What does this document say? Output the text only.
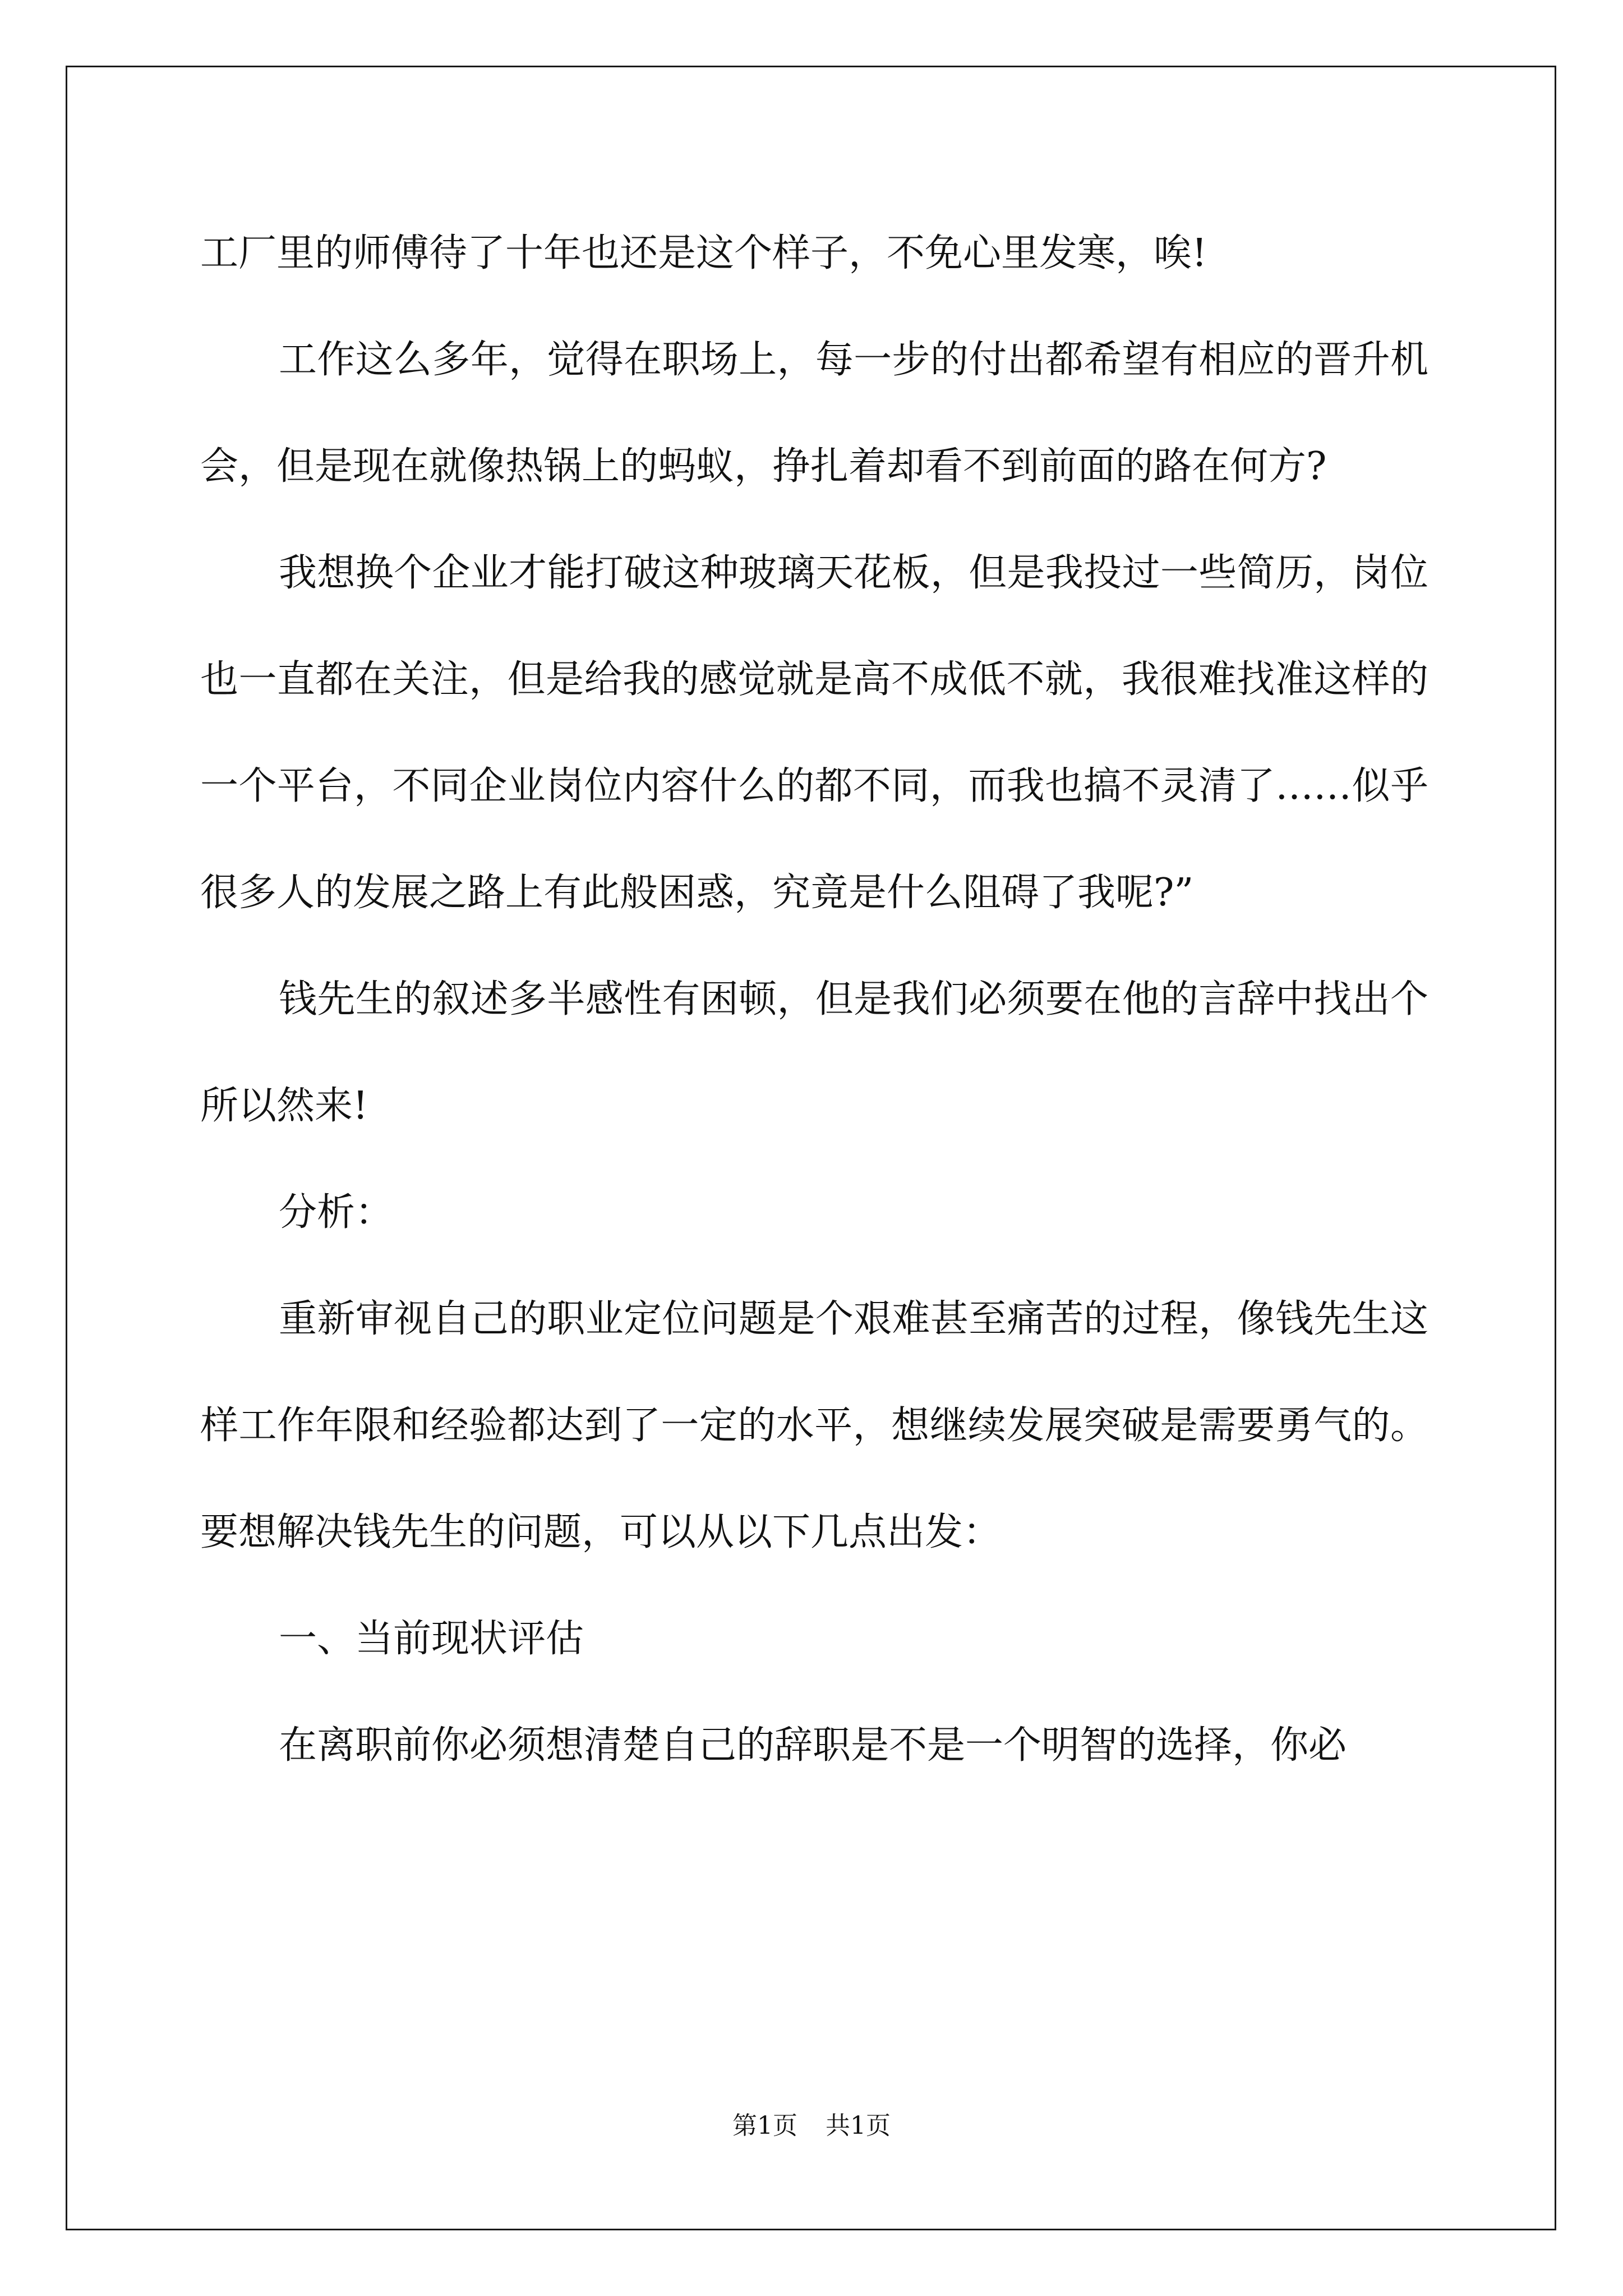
工厂里的师傅待了十年也还是这个样子，不免心里发寒，唉!

工作这么多年，觉得在职场上，每一步的付出都希望有相应的晋升机会，但是现在就像热锅上的蚂蚁，挣扎着却看不到前面的路在何方?

我想换个企业才能打破这种玻璃天花板，但是我投过一些简历，岗位也一直都在关注，但是给我的感觉就是高不成低不就，我很难找准这样的一个平台，不同企业岗位内容什么的都不同，而我也搞不灵清了……似乎很多人的发展之路上有此般困惑，究竟是什么阻碍了我呢?”

钱先生的叙述多半感性有困顿，但是我们必须要在他的言辞中找出个所以然来!

分析：

重新审视自己的职业定位问题是个艰难甚至痛苦的过程，像钱先生这样工作年限和经验都达到了一定的水平，想继续发展突破是需要勇气的。要想解决钱先生的问题，可以从以下几点出发：

一、当前现状评估

在离职前你必须想清楚自己的辞职是不是一个明智的选择，你必

第1页 共1页
